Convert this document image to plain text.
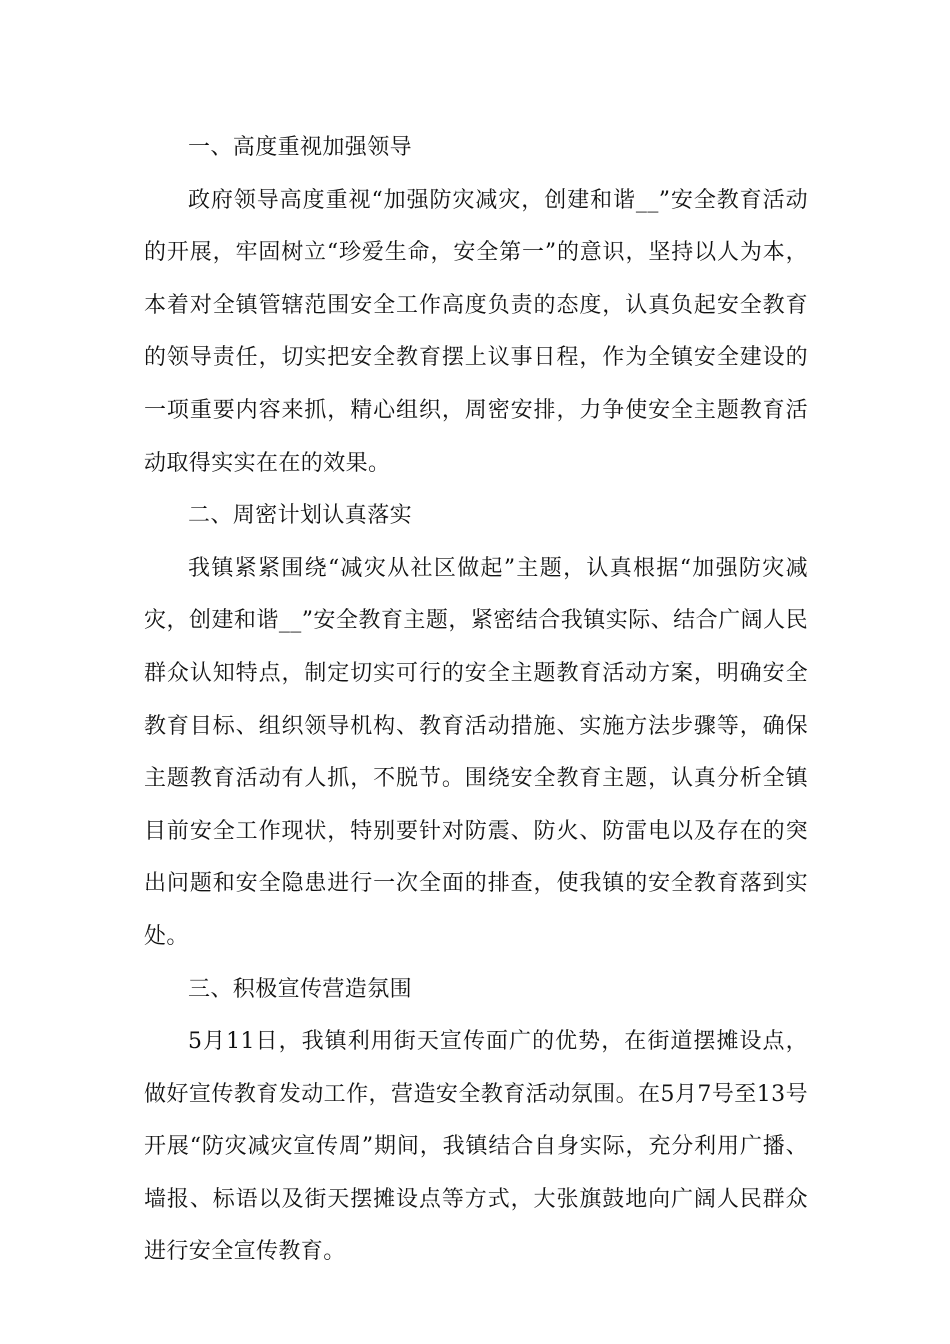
一、高度重视加强领导

政府领导高度重视“加强防灾减灾，创建和谐__”安全教育活动的开展，牢固树立“珍爱生命，安全第一”的意识，坚持以人为本，本着对全镇管辖范围安全工作高度负责的态度，认真负起安全教育的领导责任，切实把安全教育摆上议事日程，作为全镇安全建设的一项重要内容来抓，精心组织，周密安排，力争使安全主题教育活动取得实实在在的效果。

二、周密计划认真落实

我镇紧紧围绕“减灾从社区做起”主题，认真根据“加强防灾减灾，创建和谐__”安全教育主题，紧密结合我镇实际、结合广阔人民群众认知特点，制定切实可行的安全主题教育活动方案，明确安全教育目标、组织领导机构、教育活动措施、实施方法步骤等，确保主题教育活动有人抓，不脱节。围绕安全教育主题，认真分析全镇目前安全工作现状，特别要针对防震、防火、防雷电以及存在的突出问题和安全隐患进行一次全面的排查，使我镇的安全教育落到实处。

三、积极宣传营造氛围

5月11日，我镇利用街天宣传面广的优势，在街道摆摊设点，做好宣传教育发动工作，营造安全教育活动氛围。在5月7号至13号开展“防灾减灾宣传周”期间，我镇结合自身实际，充分利用广播、墙报、标语以及街天摆摊设点等方式，大张旗鼓地向广阔人民群众进行安全宣传教育。
